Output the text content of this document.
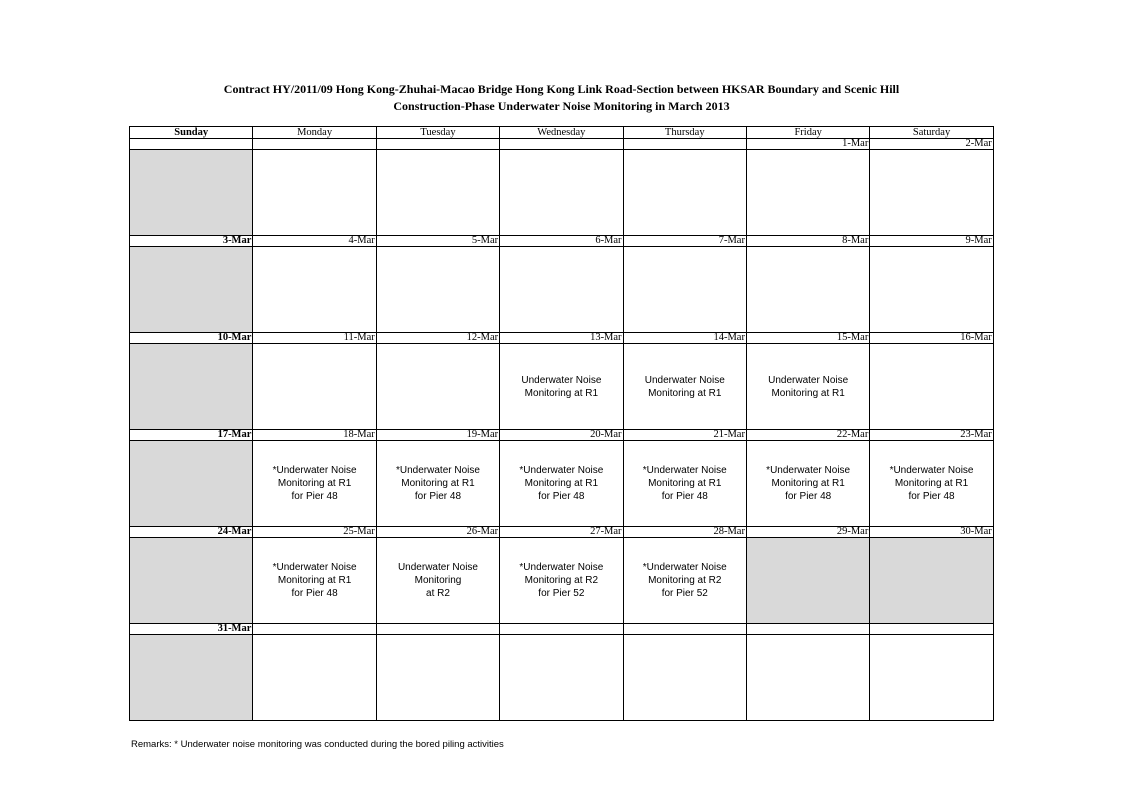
Contract HY/2011/09 Hong Kong-Zhuhai-Macao Bridge Hong Kong Link Road-Section between HKSAR Boundary and Scenic Hill
Construction-Phase Underwater Noise Monitoring in March 2013
Sunday	Monday	Tuesday	Wednesday	Thursday	Friday	Saturday
					1-Mar	2-Mar

3-Mar	4-Mar	5-Mar	6-Mar	7-Mar	8-Mar	9-Mar

10-Mar	11-Mar	12-Mar	13-Mar	14-Mar	15-Mar	16-Mar

			Underwater Noise
Monitoring at R1	Underwater Noise
Monitoring at R1	Underwater Noise
Monitoring at R1	

17-Mar	18-Mar	19-Mar	20-Mar	21-Mar	22-Mar	23-Mar

	*Underwater Noise
Monitoring at R1
for Pier 48	*Underwater Noise
Monitoring at R1
for Pier 48	*Underwater Noise
Monitoring at R1
for Pier 48	*Underwater Noise
Monitoring at R1
for Pier 48	*Underwater Noise
Monitoring at R1
for Pier 48	*Underwater Noise
Monitoring at R1
for Pier 48

24-Mar	25-Mar	26-Mar	27-Mar	28-Mar	29-Mar	30-Mar

	*Underwater Noise
Monitoring at R1
for Pier 48	Underwater Noise
Monitoring
at R2	*Underwater Noise
Monitoring at R2
for Pier 52	*Underwater Noise
Monitoring at R2
for Pier 52		

31-Mar						

Remarks: * Underwater noise monitoring was conducted during the bored piling activities
